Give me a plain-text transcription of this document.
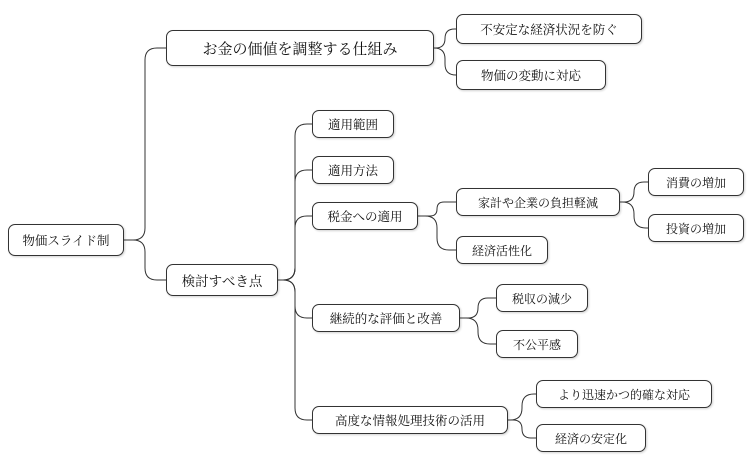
物価スライド制
お金の価値を調整する仕組み
不安定な経済状況を防ぐ
物価の変動に対応
検討すべき点
適用範囲
適用方法
税金への適用
家計や企業の負担軽減
消費の増加
投資の増加
経済活性化
継続的な評価と改善
税収の減少
不公平感
高度な情報処理技術の活用
より迅速かつ的確な対応
経済の安定化
